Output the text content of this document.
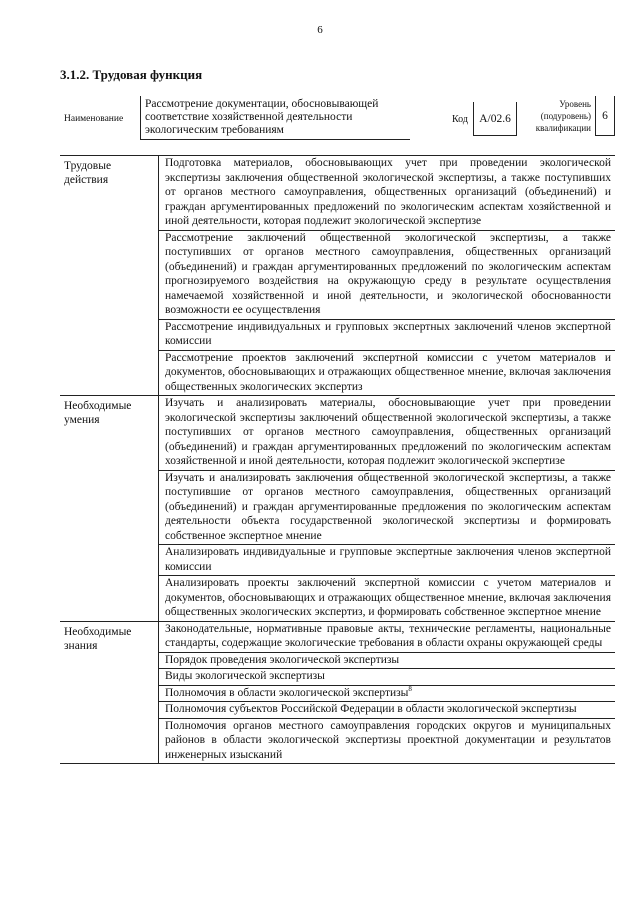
6
3.1.2. Трудовая функция
Наименование
Рассмотрение документации, обосновывающей соответствие хозяйственной деятельности экологическим требованиям
Код А/02.6
Уровень (подуровень) квалификации
6
Трудовые действия
Подготовка материалов, обосновывающих учет при проведении экологической экспертизы заключения общественной экологической экспертизы, а также поступивших от органов местного самоуправления, общественных организаций (объединений) и граждан аргументированных предложений по экологическим аспектам хозяйственной и иной деятельности, которая подлежит экологической экспертизе
Рассмотрение заключений общественной экологической экспертизы, а также поступивших от органов местного самоуправления, общественных организаций (объединений) и граждан аргументированных предложений по экологическим аспектам прогнозируемого воздействия на окружающую среду в результате осуществления намечаемой хозяйственной и иной деятельности, и экологической обоснованности возможности ее осуществления
Рассмотрение индивидуальных и групповых экспертных заключений членов экспертной комиссии
Рассмотрение проектов заключений экспертной комиссии с учетом материалов и документов, обосновывающих и отражающих общественное мнение, включая заключения общественных экологических экспертиз
Необходимые умения
Изучать и анализировать материалы, обосновывающие учет при проведении экологической экспертизы заключений общественной экологической экспертизы, а также поступивших от органов местного самоуправления, общественных организаций (объединений) и граждан аргументированных предложений по экологическим аспектам хозяйственной и иной деятельности, которая подлежит экологической экспертизе
Изучать и анализировать заключения общественной экологической экспертизы, а также поступившие от органов местного самоуправления, общественных организаций (объединений) и граждан аргументированные предложения по экологическим аспектам деятельности объекта государственной экологической экспертизы и формировать собственное экспертное мнение
Анализировать индивидуальные и групповые экспертные заключения членов экспертной комиссии
Анализировать проекты заключений экспертной комиссии с учетом материалов и документов, обосновывающих и отражающих общественное мнение, включая заключения общественных экологических экспертиз, и формировать собственное экспертное мнение
Необходимые знания
Законодательные, нормативные правовые акты, технические регламенты, национальные стандарты, содержащие экологические требования в области охраны окружающей среды
Порядок проведения экологической экспертизы
Виды экологической экспертизы
Полномочия в области экологической экспертизы$^8$
Полномочия субъектов Российской Федерации в области экологической экспертизы
Полномочия органов местного самоуправления городских округов и муниципальных районов в области экологической экспертизы проектной документации и результатов инженерных изысканий
